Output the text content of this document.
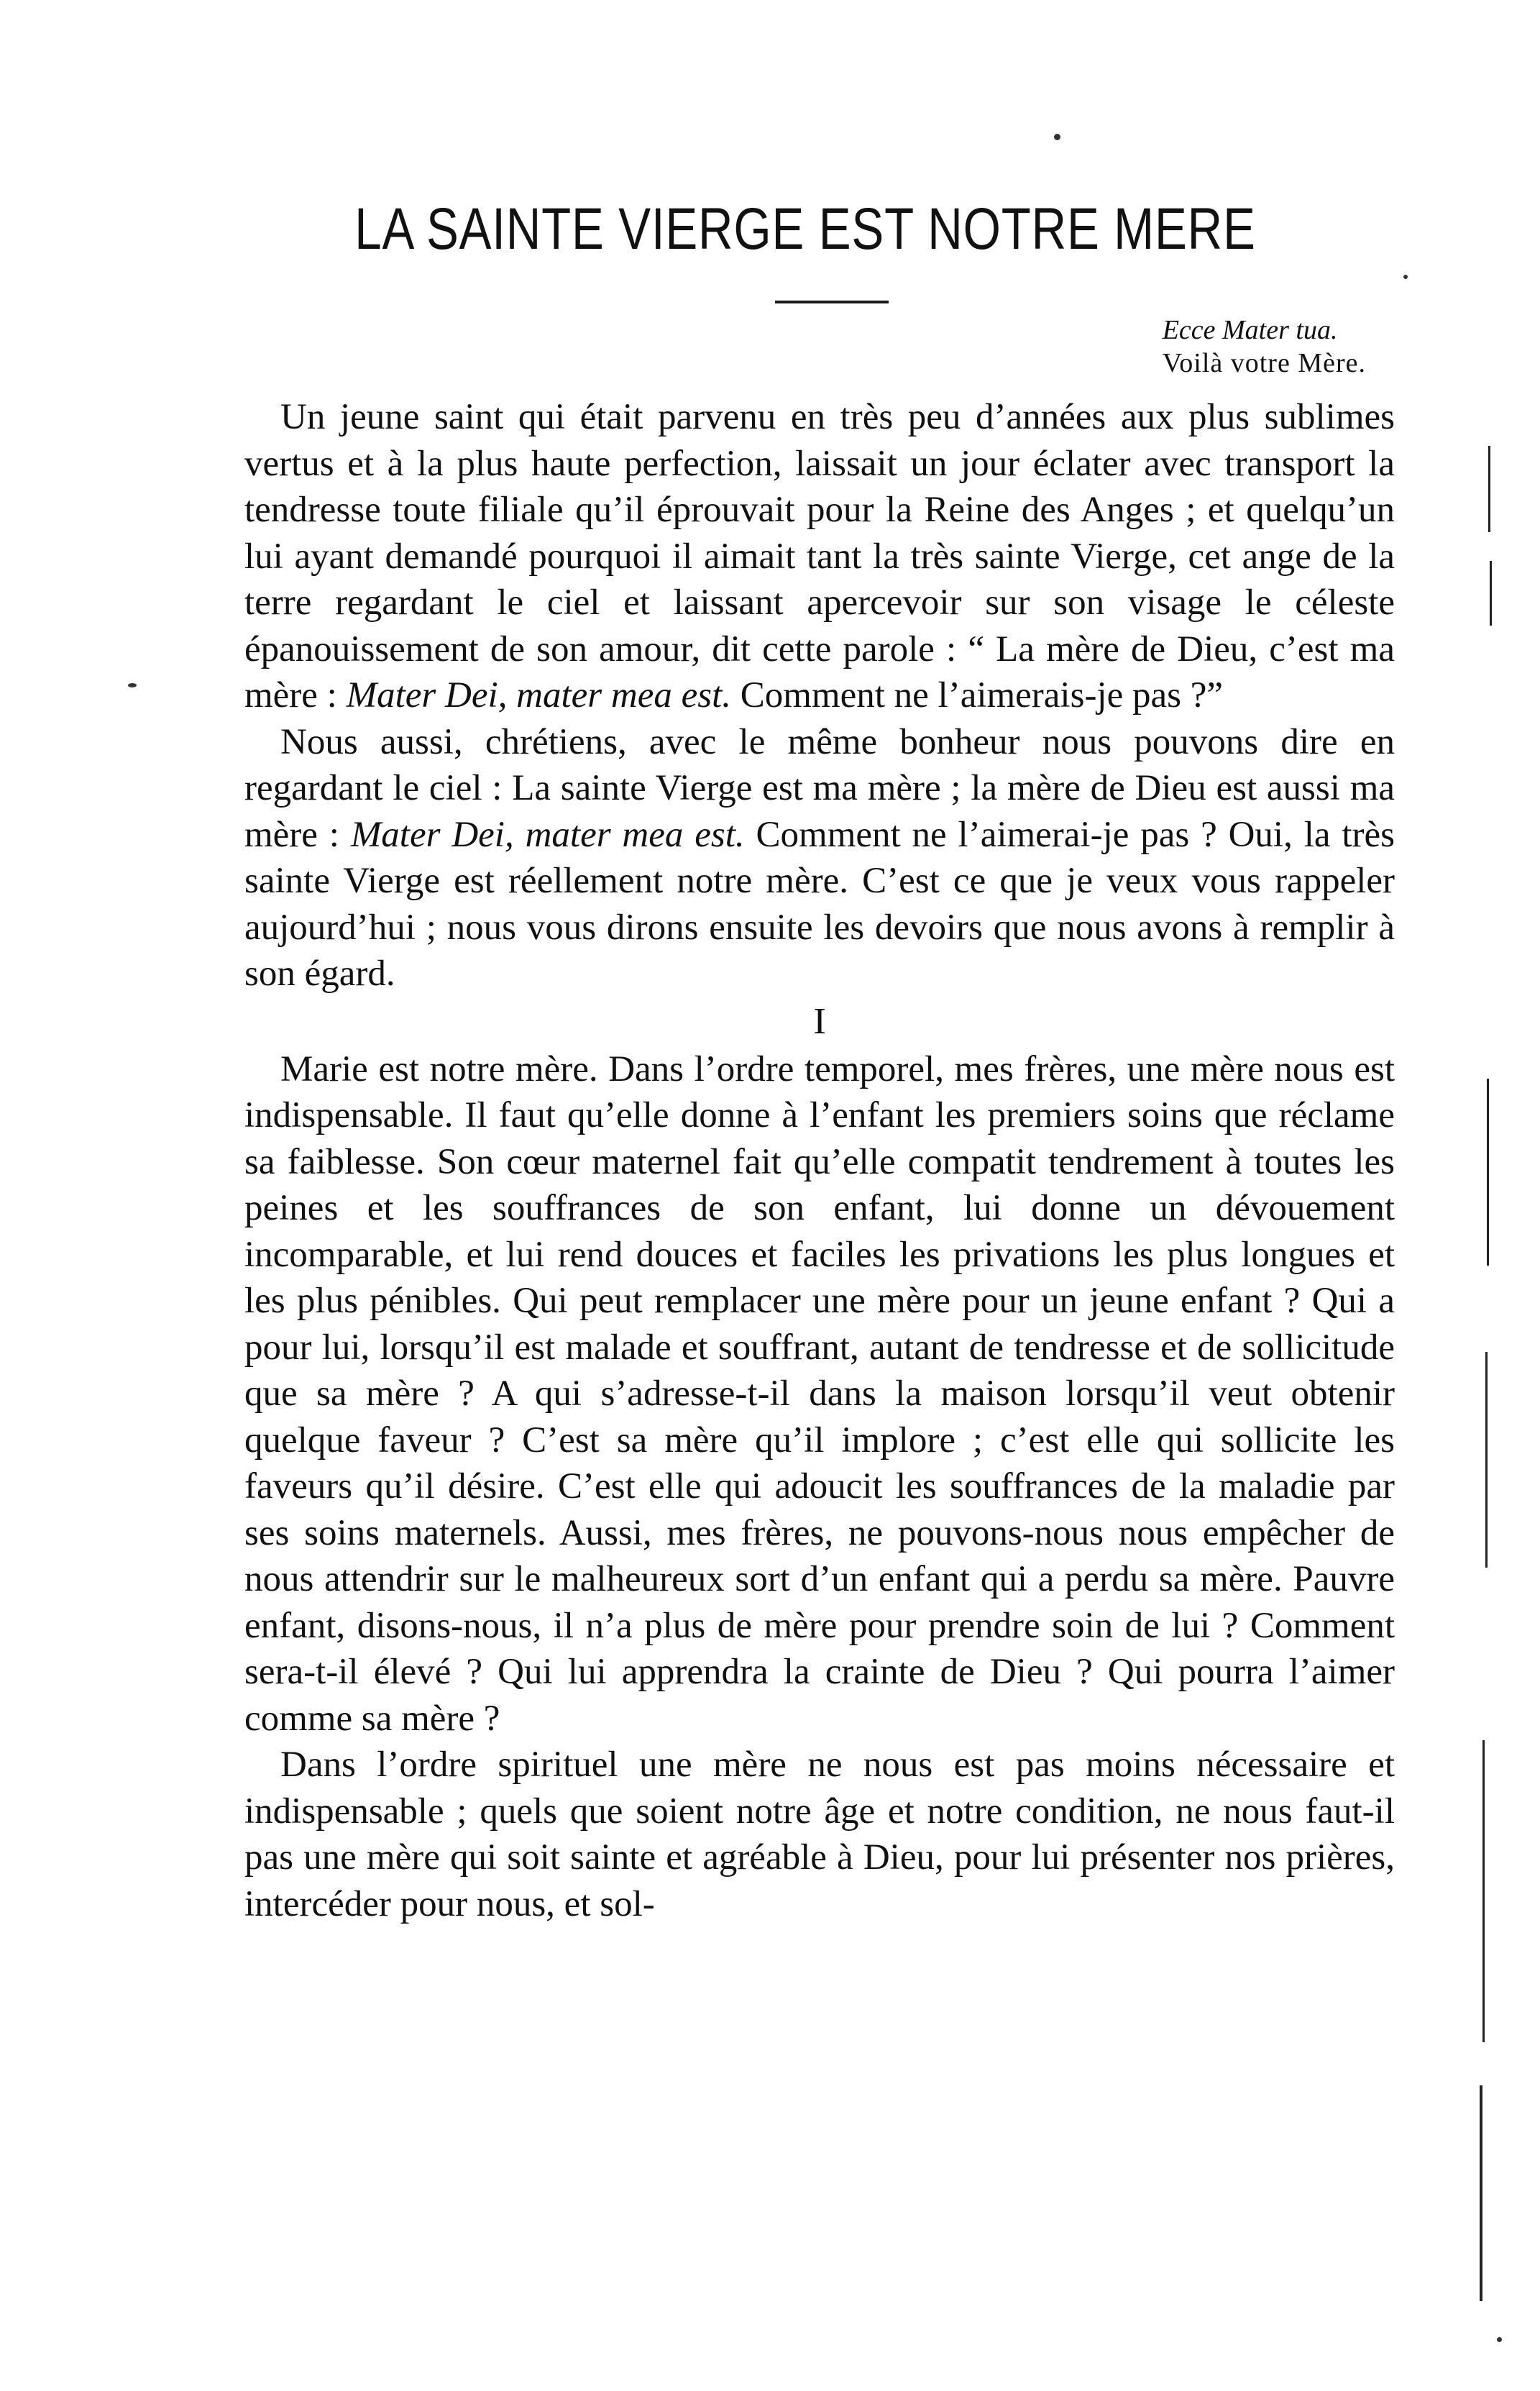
LA SAINTE VIERGE EST NOTRE MERE
Ecce Mater tua.
Voilà votre Mère.

Un jeune saint qui était parvenu en très peu d’années aux plus sublimes vertus et à la plus haute perfection, laissait un jour éclater avec transport la tendresse toute filiale qu’il éprouvait pour la Reine des Anges ; et quelqu’un lui ayant demandé pourquoi il aimait tant la très sainte Vierge, cet ange de la terre regardant le ciel et laissant apercevoir sur son visage le céleste épanouissement de son amour, dit cette parole : “ La mère de Dieu, c’est ma mère : Mater Dei, mater mea est. Comment ne l’aimerais-je pas ?”

Nous aussi, chrétiens, avec le même bonheur nous pouvons dire en regardant le ciel : La sainte Vierge est ma mère ; la mère de Dieu est aussi ma mère : Mater Dei, mater mea est. Comment ne l’aimerai-je pas ? Oui, la très sainte Vierge est réellement notre mère. C’est ce que je veux vous rappeler aujourd’hui ; nous vous dirons ensuite les devoirs que nous avons à remplir à son égard.

I

Marie est notre mère. Dans l’ordre temporel, mes frères, une mère nous est indispensable. Il faut qu’elle donne à l’enfant les premiers soins que réclame sa faiblesse. Son cœur maternel fait qu’elle compatit tendrement à toutes les peines et les souffrances de son enfant, lui donne un dévouement incomparable, et lui rend douces et faciles les privations les plus longues et les plus pénibles. Qui peut remplacer une mère pour un jeune enfant ? Qui a pour lui, lorsqu’il est malade et souffrant, autant de tendresse et de sollicitude que sa mère ? A qui s’adresse-t-il dans la maison lorsqu’il veut obtenir quelque faveur ? C’est sa mère qu’il implore ; c’est elle qui sollicite les faveurs qu’il désire. C’est elle qui adoucit les souffrances de la maladie par ses soins maternels. Aussi, mes frères, ne pouvons-nous nous empêcher de nous attendrir sur le malheureux sort d’un enfant qui a perdu sa mère. Pauvre enfant, disons-nous, il n’a plus de mère pour prendre soin de lui ? Comment sera-t-il élevé ? Qui lui apprendra la crainte de Dieu ? Qui pourra l’aimer comme sa mère ?

Dans l’ordre spirituel une mère ne nous est pas moins nécessaire et indispensable ; quels que soient notre âge et notre condition, ne nous faut-il pas une mère qui soit sainte et agréable à Dieu, pour lui présenter nos prières, intercéder pour nous, et sol-
